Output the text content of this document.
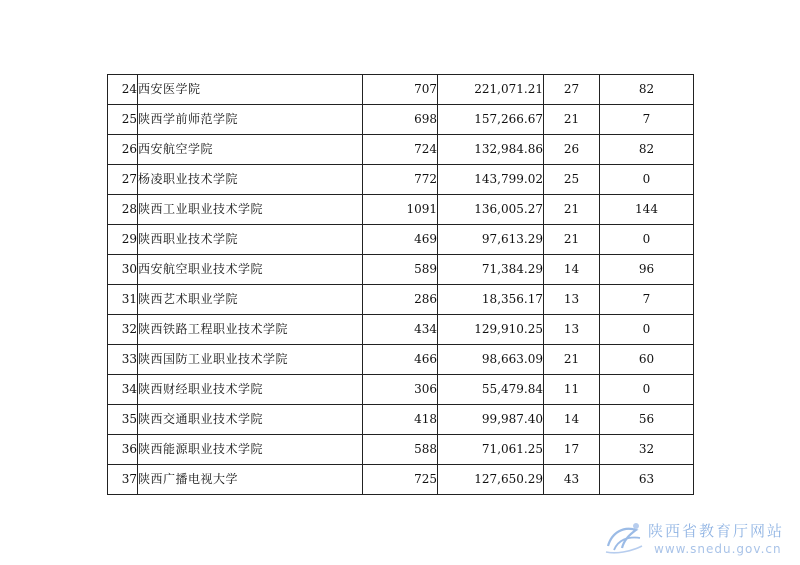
24	西安医学院	707	221,071.21	27	82
25	陕西学前师范学院	698	157,266.67	21	7
26	西安航空学院	724	132,984.86	26	82
27	杨凌职业技术学院	772	143,799.02	25	0
28	陕西工业职业技术学院	1091	136,005.27	21	144
29	陕西职业技术学院	469	97,613.29	21	0
30	西安航空职业技术学院	589	71,384.29	14	96
31	陕西艺术职业学院	286	18,356.17	13	7
32	陕西铁路工程职业技术学院	434	129,910.25	13	0
33	陕西国防工业职业技术学院	466	98,663.09	21	60
34	陕西财经职业技术学院	306	55,479.84	11	0
35	陕西交通职业技术学院	418	99,987.40	14	56
36	陕西能源职业技术学院	588	71,061.25	17	32
37	陕西广播电视大学	725	127,650.29	43	63
陕西省教育厅网站
www.snedu.gov.cn
